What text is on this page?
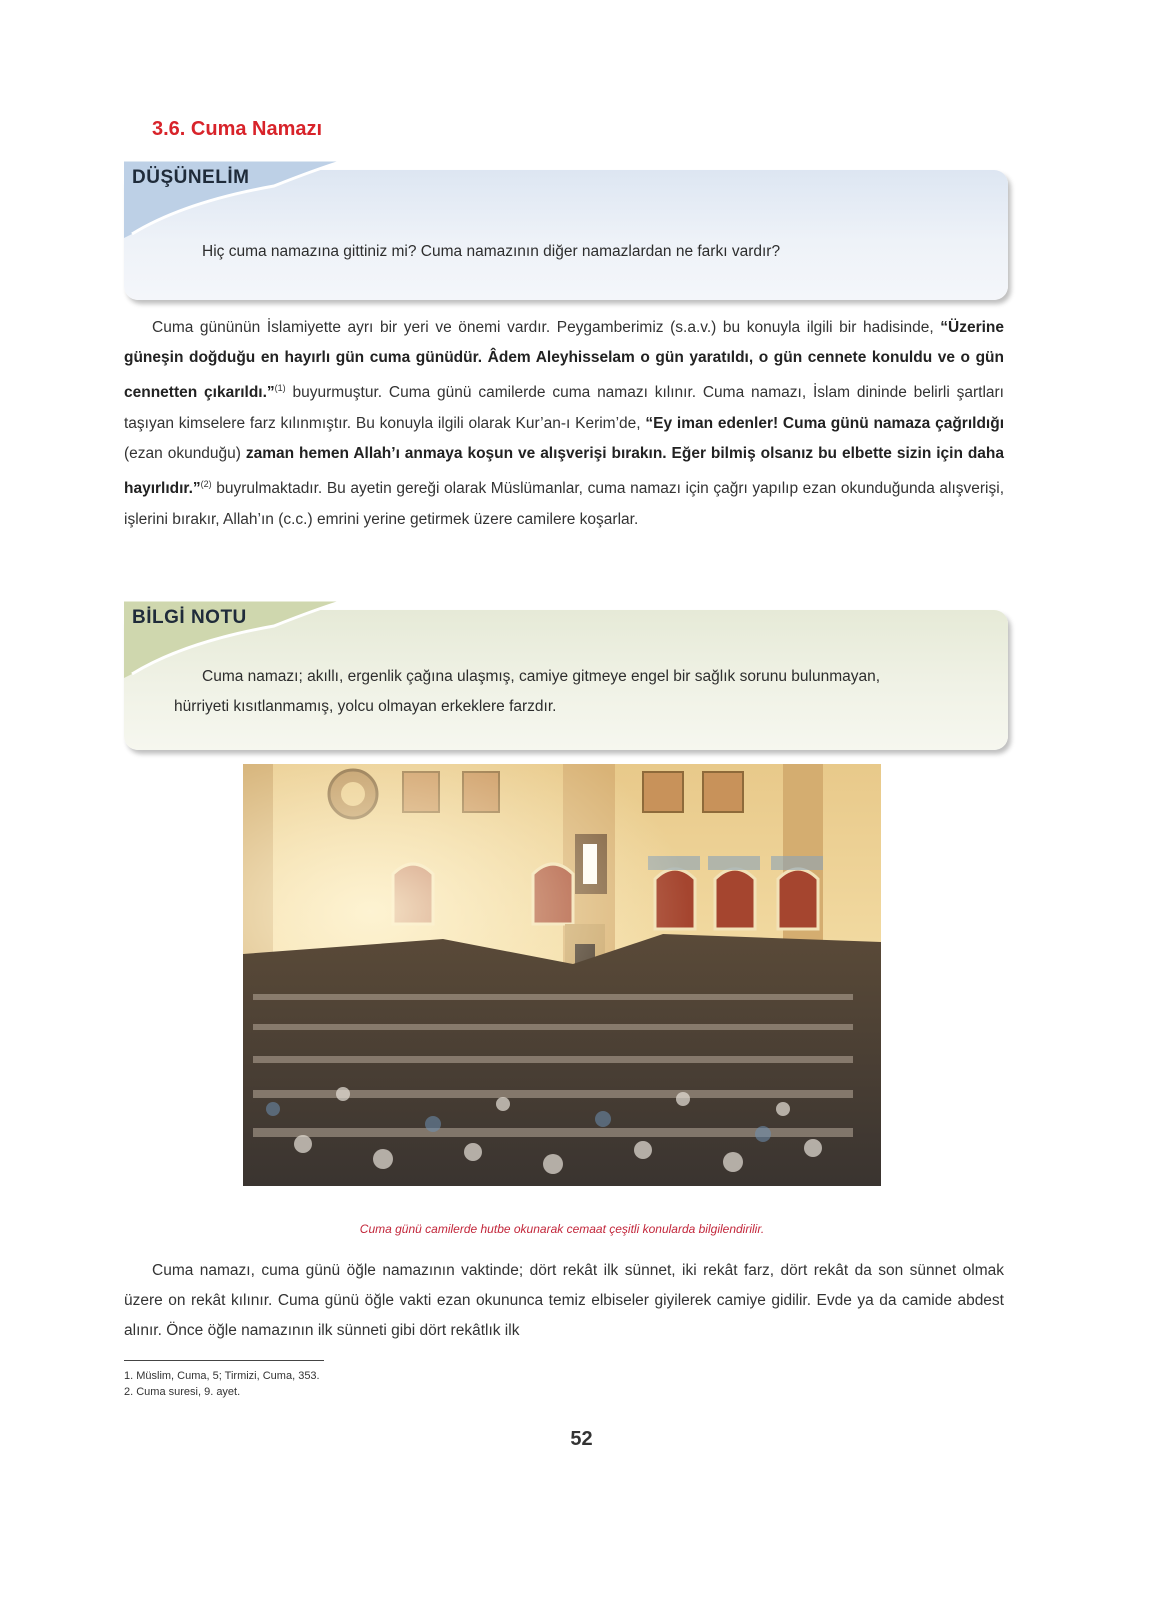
3.6. Cuma Namazı
DÜŞÜNELİM
Hiç cuma namazına gittiniz mi? Cuma namazının diğer namazlardan ne farkı vardır?

Cuma gününün İslamiyette ayrı bir yeri ve önemi vardır. Peygamberimiz (s.a.v.) bu konuyla ilgili bir hadisinde, “Üzerine güneşin doğduğu en hayırlı gün cuma günüdür. Âdem Aleyhisselam o gün yaratıldı, o gün cennete konuldu ve o gün cennetten çıkarıldı.”$^{(1)}$ buyurmuştur. Cuma günü camilerde cuma namazı kılınır. Cuma namazı, İslam dininde belirli şartları taşıyan kimselere farz kılınmıştır. Bu konuyla ilgili olarak Kur’an-ı Kerim’de, “Ey iman edenler! Cuma günü namaza çağrıldığı (ezan okunduğu) zaman hemen Allah’ı anmaya koşun ve alışverişi bırakın. Eğer bilmiş olsanız bu elbette sizin için daha hayırlıdır.”$^{(2)}$ buyrulmaktadır. Bu ayetin gereği olarak Müslümanlar, cuma namazı için çağrı yapılıp ezan okunduğunda alışverişi, işlerini bırakır, Allah’ın (c.c.) emrini yerine getirmek üzere camilere koşarlar.

BİLGİ NOTU
Cuma namazı; akıllı, ergenlik çağına ulaşmış, camiye gitmeye engel bir sağlık sorunu bulunmayan,
hürriyeti kısıtlanmamış, yolcu olmayan erkeklere farzdır.
Cuma günü camilerde hutbe okunarak cemaat çeşitli konularda bilgilendirilir.

Cuma namazı, cuma günü öğle namazının vaktinde; dört rekât ilk sünnet, iki rekât farz, dört rekât da son sünnet olmak üzere on rekât kılınır. Cuma günü öğle vakti ezan okununca temiz elbiseler giyilerek camiye gidilir. Evde ya da camide abdest alınır. Önce öğle namazının ilk sünneti gibi dört rekâtlık ilk

1. Müslim, Cuma, 5; Tirmizi, Cuma, 353.
2. Cuma suresi, 9. ayet.
52
